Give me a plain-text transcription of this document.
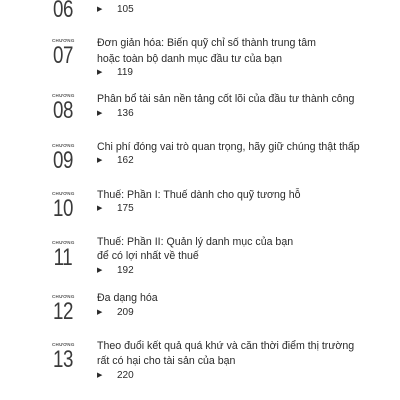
06	▶ 105
CHƯƠNG
07 Đơn giản hóa: Biến quỹ chỉ số thành trung tâm
hoặc toàn bộ danh mục đầu tư của bạn
▶ 119
CHƯƠNG
08 Phân bổ tài sản nền tảng cốt lõi của đầu tư thành công
▶ 136
CHƯƠNG
09 Chi phí đóng vai trò quan trọng, hãy giữ chúng thật thấp
▶ 162
CHƯƠNG
10 Thuế: Phần I: Thuế dành cho quỹ tương hỗ
▶ 175
CHƯƠNG
11
Thuế: Phần II: Quản lý danh mục của bạn
để có lợi nhất về thuế
▶ 192
CHƯƠNG
12 Đa dạng hóa
▶ 209
CHƯƠNG
13 Theo đuổi kết quả quá khứ và căn thời điểm thị trường
rất có hại cho tài sản của bạn
▶ 220
